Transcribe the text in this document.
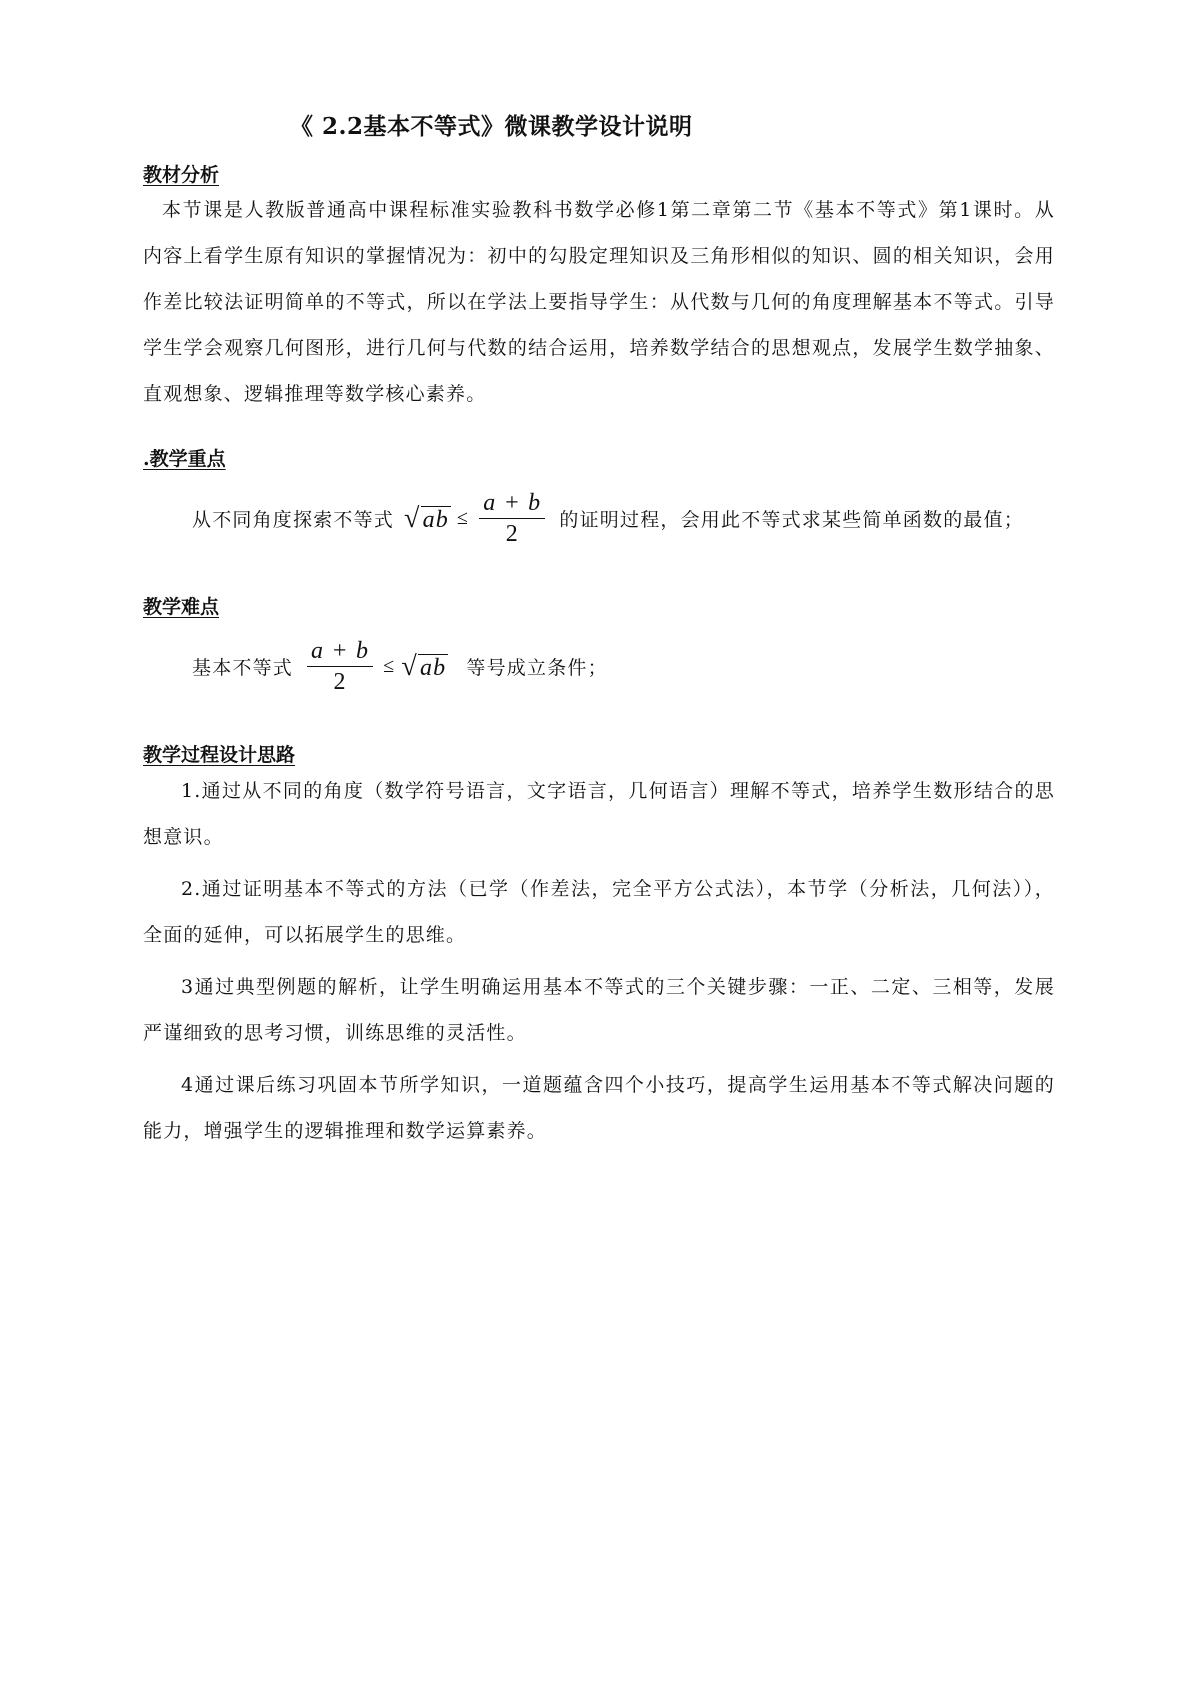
《 2.2基本不等式》微课教学设计说明
教材分析

本节课是人教版普通高中课程标准实验教科书数学必修1第二章第二节《基本不等式》第1课时。从内容上看学生原有知识的掌握情况为：初中的勾股定理知识及三角形相似的知识、圆的相关知识，会用作差比较法证明简单的不等式，所以在学法上要指导学生：从代数与几何的角度理解基本不等式。引导学生学会观察几何图形，进行几何与代数的结合运用，培养数学结合的思想观点，发展学生数学抽象、直观想象、逻辑推理等数学核心素养。

.教学重点
从不同角度探索不等式 √ ab ≤ $\frac{a + b}{2}$ 的证明过程，会用此不等式求某些简单函数的最值；
教学难点
基本不等式 $\frac{a + b}{2}$ ≤ √ ab 等号成立条件；
教学过程设计思路

1.通过从不同的角度（数学符号语言，文字语言，几何语言）理解不等式，培养学生数形结合的思想意识。

2.通过证明基本不等式的方法（已学（作差法，完全平方公式法），本节学（分析法，几何法）），全面的延伸，可以拓展学生的思维。

3通过典型例题的解析，让学生明确运用基本不等式的三个关键步骤：一正、二定、三相等，发展严谨细致的思考习惯，训练思维的灵活性。

4通过课后练习巩固本节所学知识，一道题蕴含四个小技巧，提高学生运用基本不等式解决问题的能力，增强学生的逻辑推理和数学运算素养。
